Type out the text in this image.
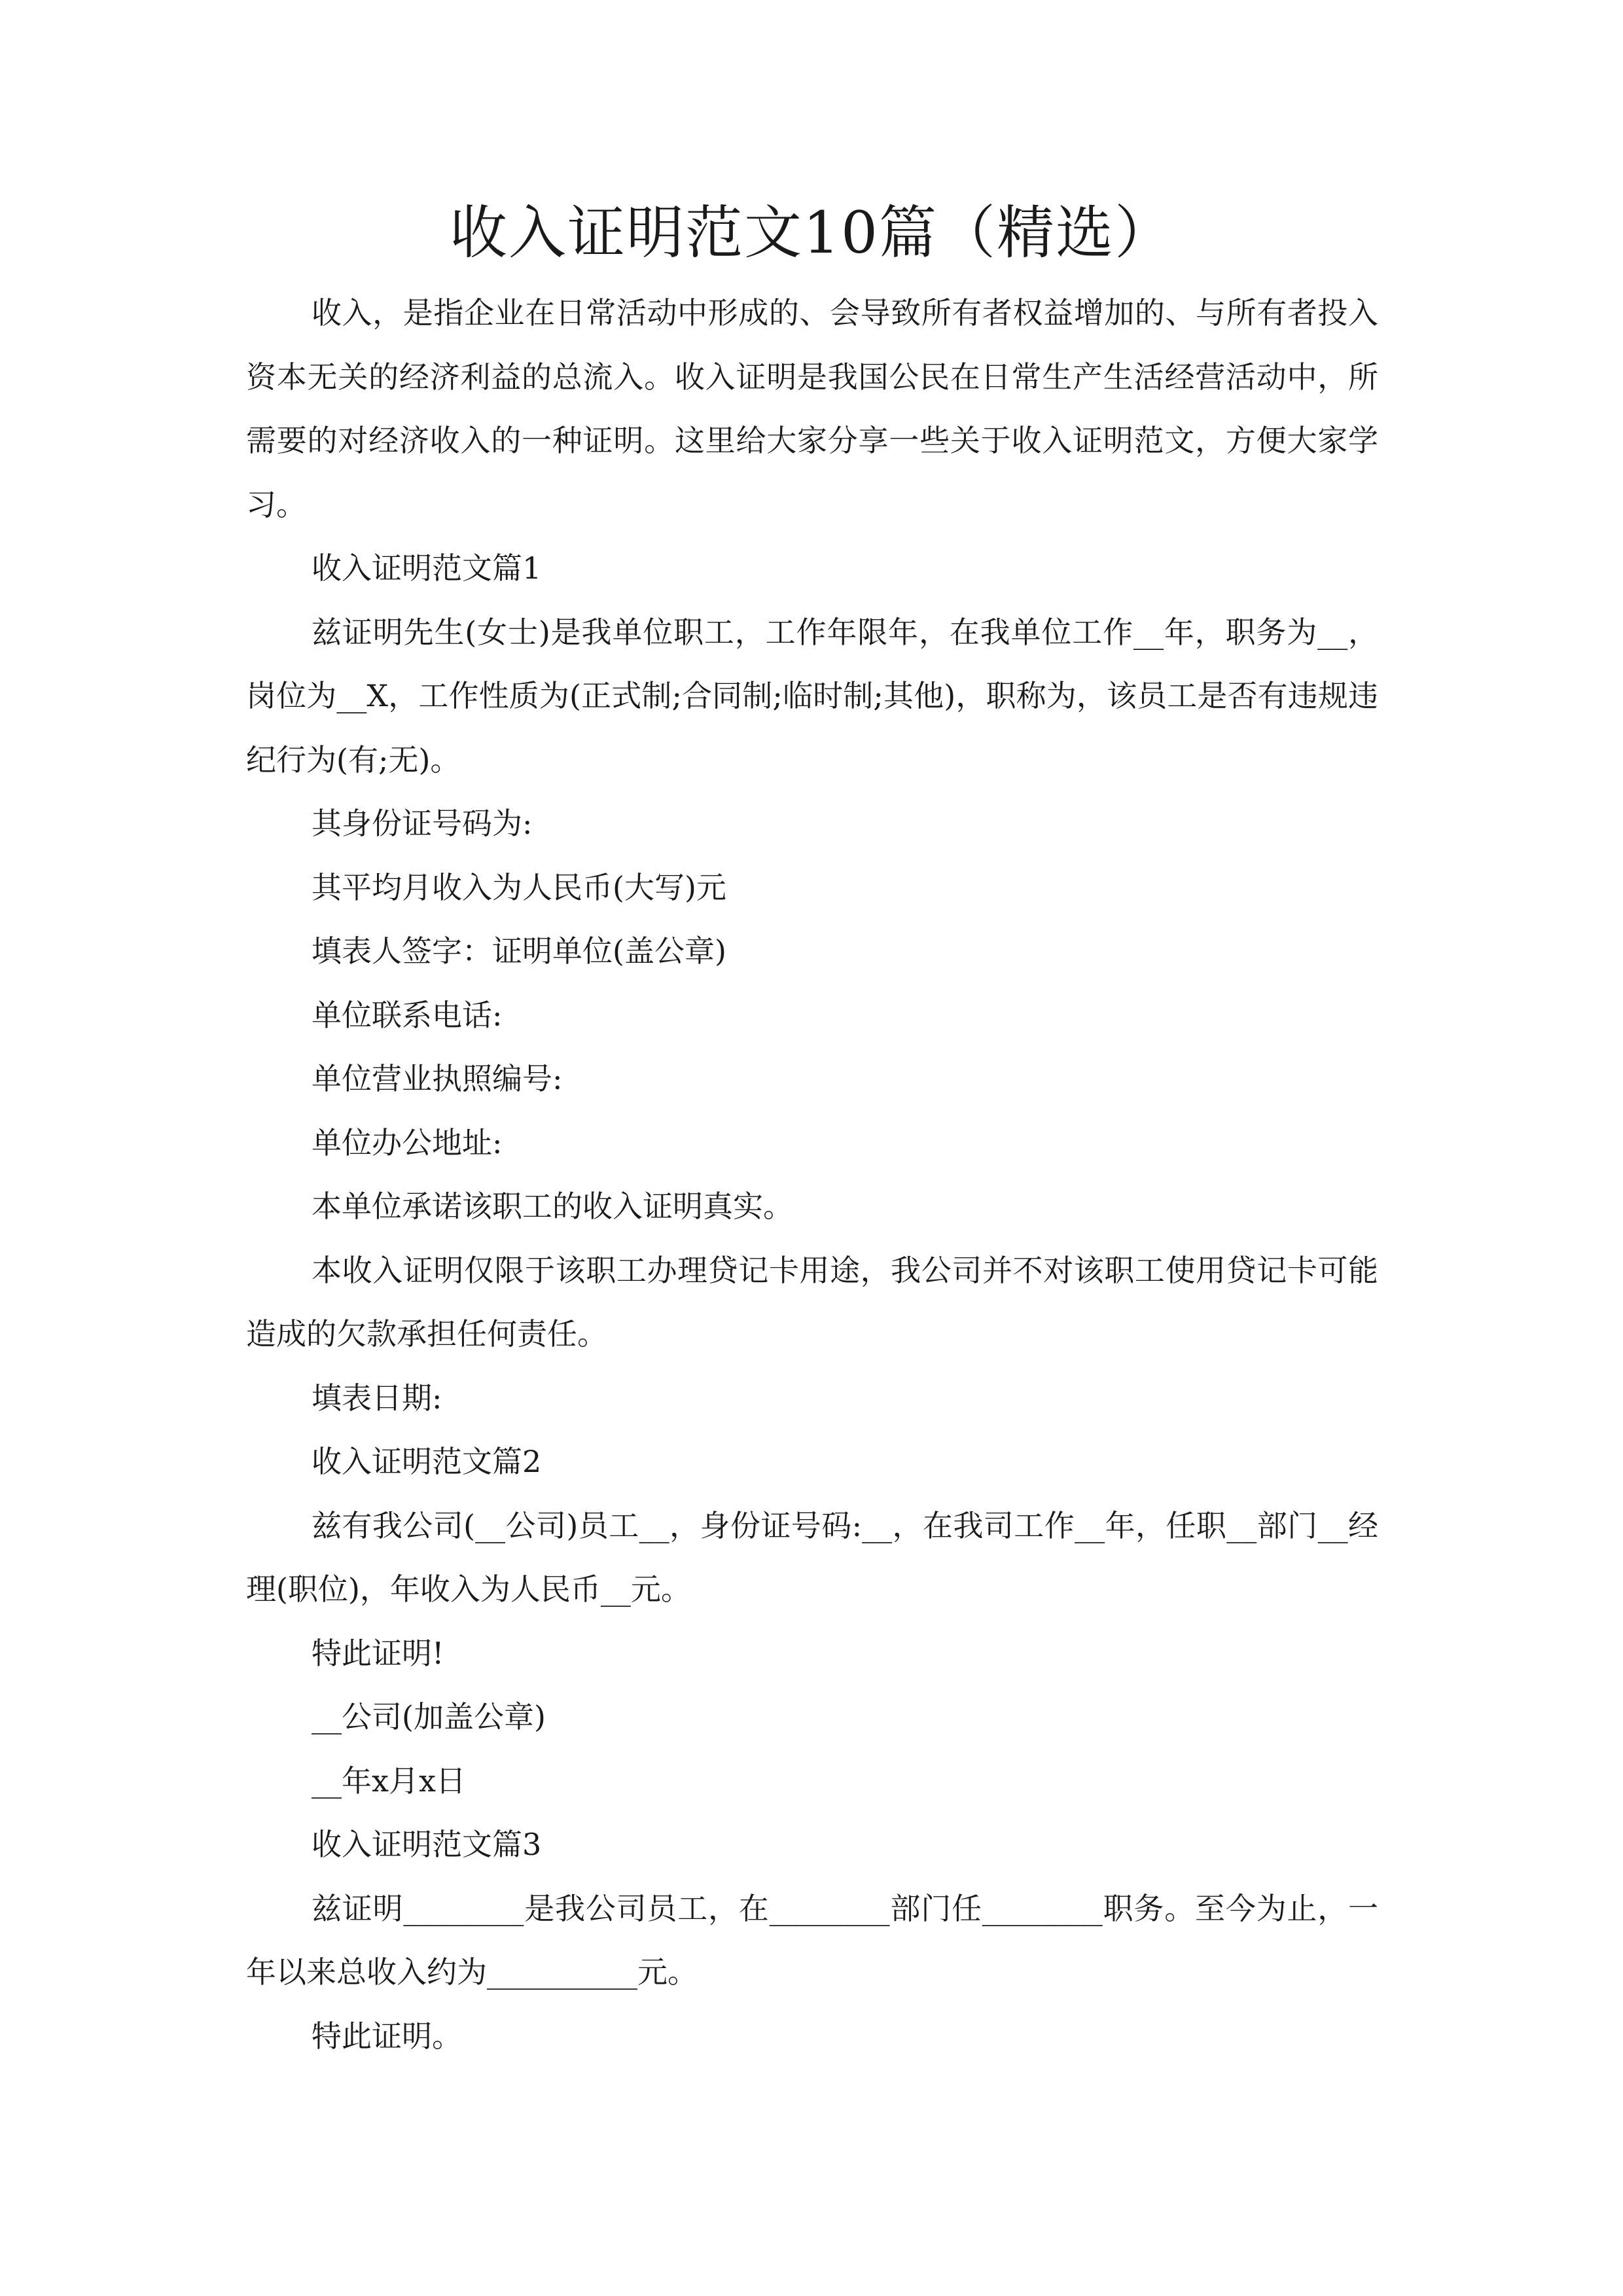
收入证明范文10篇（精选）

收入，是指企业在日常活动中形成的、会导致所有者权益增加的、与所有者投入资本无关的经济利益的总流入。收入证明是我国公民在日常生产生活经营活动中，所需要的对经济收入的一种证明。这里给大家分享一些关于收入证明范文，方便大家学习。

收入证明范文篇1

兹证明先生(女士)是我单位职工，工作年限年，在我单位工作__年，职务为__，岗位为__X，工作性质为(正式制;合同制;临时制;其他)，职称为，该员工是否有违规违纪行为(有;无)。

其身份证号码为:

其平均月收入为人民币(大写)元

填表人签字：证明单位(盖公章)

单位联系电话:

单位营业执照编号:

单位办公地址:

本单位承诺该职工的收入证明真实。

本收入证明仅限于该职工办理贷记卡用途，我公司并不对该职工使用贷记卡可能造成的欠款承担任何责任。

填表日期:

收入证明范文篇2

兹有我公司(__公司)员工__，身份证号码:__，在我司工作__年，任职__部门__经理(职位)，年收入为人民币__元。

特此证明!

__公司(加盖公章)

__年x月x日

收入证明范文篇3

兹证明________是我公司员工，在________部门任________职务。至今为止，一年以来总收入约为__________元。

特此证明。
